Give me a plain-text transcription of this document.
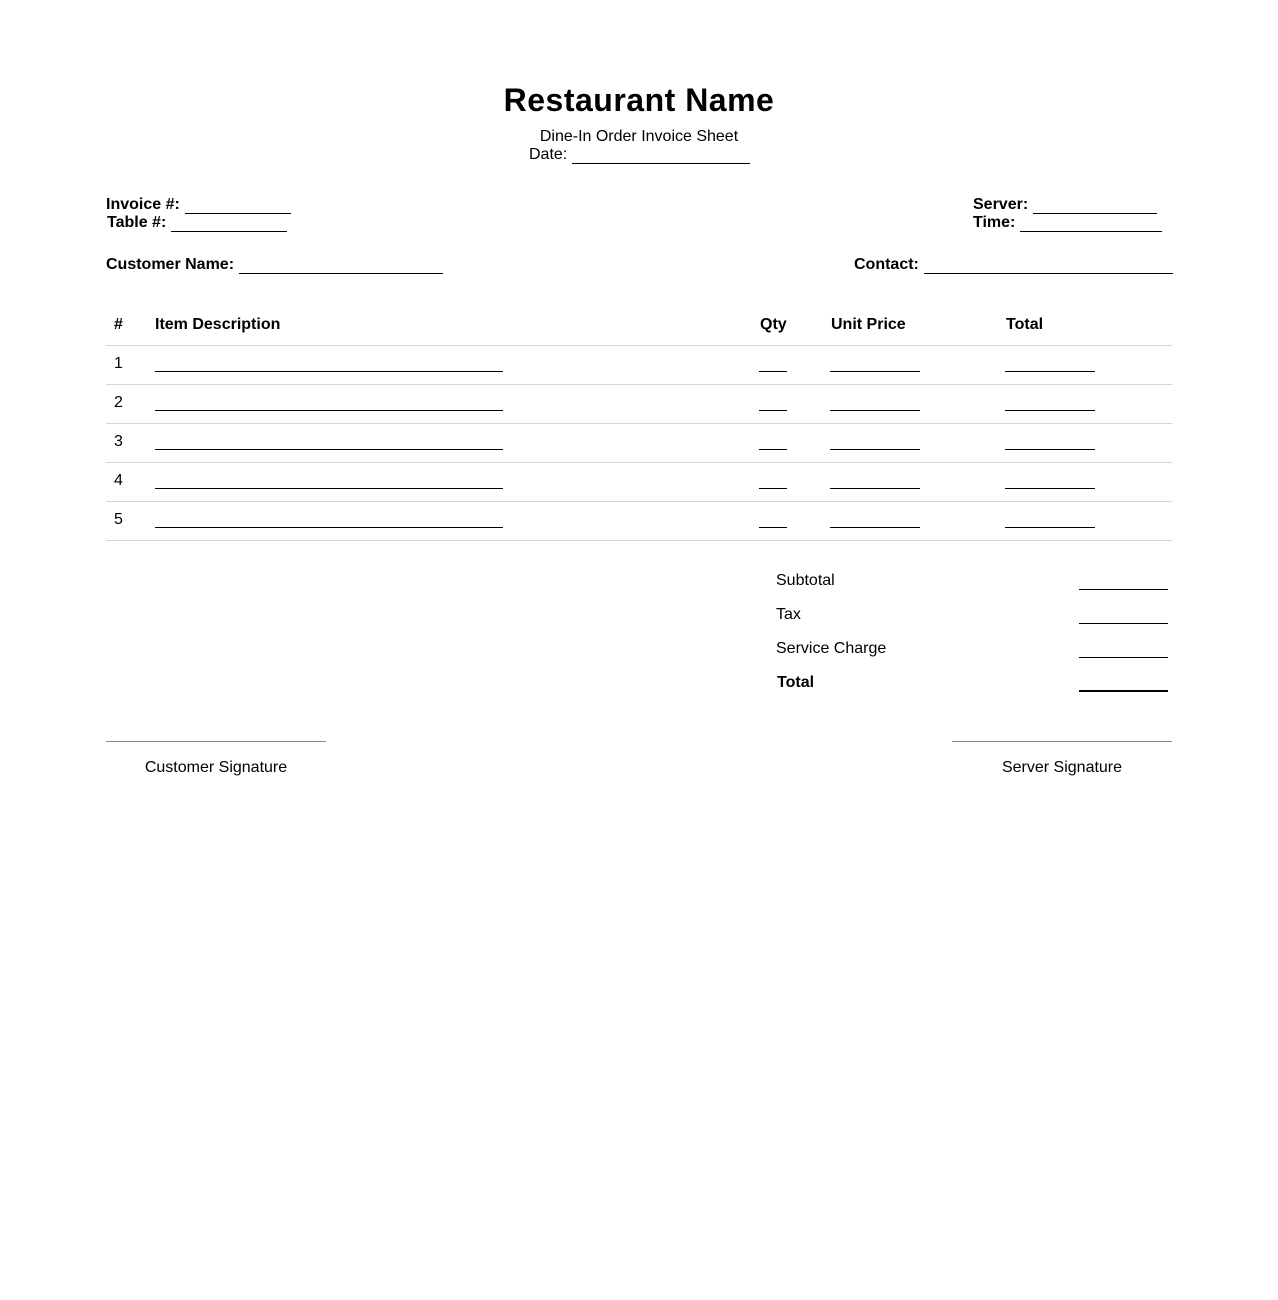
Restaurant Name
Dine-In Order Invoice Sheet
Date:
Invoice #:
Table #:
Server:
Time:
Customer Name:	Contact:
# Item Description	Qty	Unit Price	Total
1
2
3
4
5
Subtotal
Tax
Service Charge
Total
Customer Signature	Server Signature
